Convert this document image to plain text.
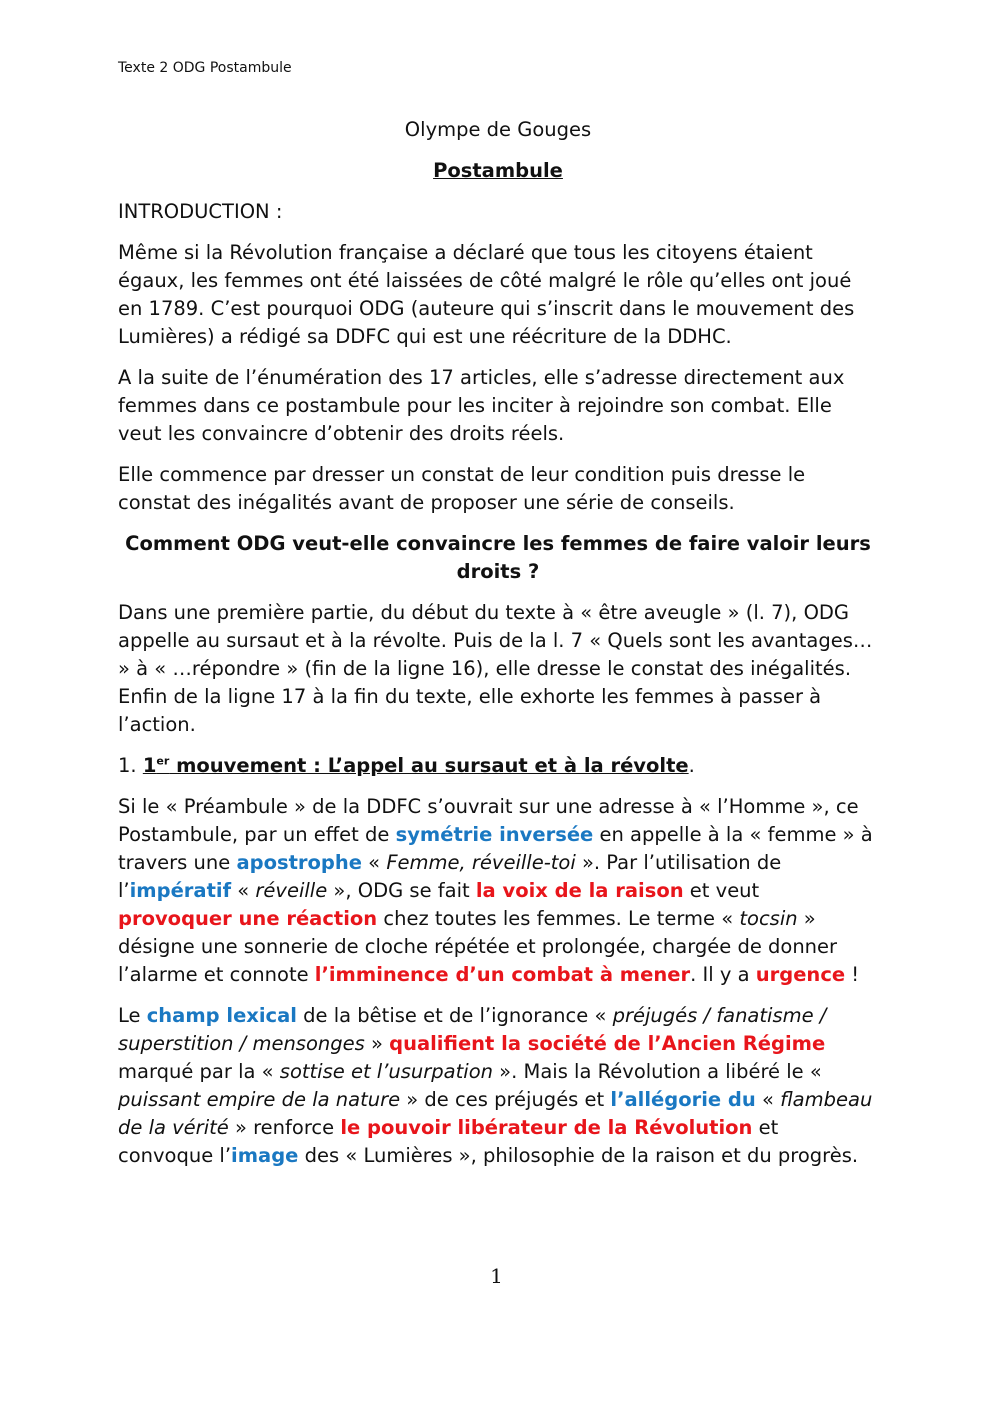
Texte 2 ODG Postambule

Olympe de Gouges

Postambule

INTRODUCTION :

Même si la Révolution française a déclaré que tous les citoyens étaient égaux, les femmes ont été laissées de côté malgré le rôle qu’elles ont joué en 1789. C’est pourquoi ODG (auteure qui s’inscrit dans le mouvement des Lumières) a rédigé sa DDFC qui est une réécriture de la DDHC.

A la suite de l’énumération des 17 articles, elle s’adresse directement aux femmes dans ce postambule pour les inciter à rejoindre son combat. Elle veut les convaincre d’obtenir des droits réels.

Elle commence par dresser un constat de leur condition puis dresse le constat des inégalités avant de proposer une série de conseils.

Comment ODG veut-elle convaincre les femmes de faire valoir leurs droits ?

Dans une première partie, du début du texte à « être aveugle » (l. 7), ODG appelle au sursaut et à la révolte. Puis de la l. 7 « Quels sont les avantages… » à « …répondre » (fin de la ligne 16), elle dresse le constat des inégalités. Enfin de la ligne 17 à la fin du texte, elle exhorte les femmes à passer à l’action.

1. 1er mouvement : L’appel au sursaut et à la révolte.

Si le « Préambule » de la DDFC s’ouvrait sur une adresse à « l’Homme », ce Postambule, par un effet de symétrie inversée en appelle à la « femme » à travers une apostrophe « Femme, réveille-toi ». Par l’utilisation de l’impératif « réveille », ODG se fait la voix de la raison et veut provoquer une réaction chez toutes les femmes. Le terme « tocsin » désigne une sonnerie de cloche répétée et prolongée, chargée de donner l’alarme et connote l’imminence d’un combat à mener. Il y a urgence !

Le champ lexical de la bêtise et de l’ignorance « préjugés / fanatisme / superstition / mensonges » qualifient la société de l’Ancien Régime marqué par la « sottise et l’usurpation ». Mais la Révolution a libéré le « puissant empire de la nature » de ces préjugés et l’allégorie du « flambeau de la vérité » renforce le pouvoir libérateur de la Révolution et convoque l’image des « Lumières », philosophie de la raison et du progrès.

1
